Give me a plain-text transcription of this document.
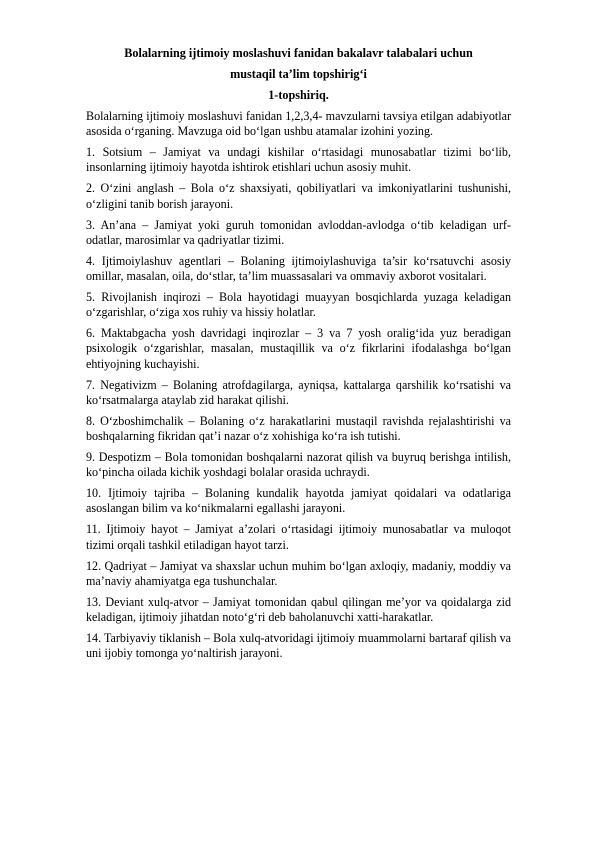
Bolalarning ijtimoiy moslashuvi fanidan bakalavr talabalari uchun

mustaqil ta’lim topshirig‘i

1-topshiriq.

Bolalarning ijtimoiy moslashuvi fanidan 1,2,3,4- mavzularni tavsiya etilgan adabiyotlar asosida o‘rganing. Mavzuga oid bo‘lgan ushbu atamalar izohini yozing.

1. Sotsium – Jamiyat va undagi kishilar o‘rtasidagi munosabatlar tizimi bo‘lib, insonlarning ijtimoiy hayotda ishtirok etishlari uchun asosiy muhit.

2. O‘zini anglash – Bola o‘z shaxsiyati, qobiliyatlari va imkoniyatlarini tushunishi, o‘zligini tanib borish jarayoni.

3. An’ana – Jamiyat yoki guruh tomonidan avloddan-avlodga o‘tib keladigan urf-odatlar, marosimlar va qadriyatlar tizimi.

4. Ijtimoiylashuv agentlari – Bolaning ijtimoiylashuviga ta’sir ko‘rsatuvchi asosiy omillar, masalan, oila, do‘stlar, ta’lim muassasalari va ommaviy axborot vositalari.

5. Rivojlanish inqirozi – Bola hayotidagi muayyan bosqichlarda yuzaga keladigan o‘zgarishlar, o‘ziga xos ruhiy va hissiy holatlar.

6. Maktabgacha yosh davridagi inqirozlar – 3 va 7 yosh oralig‘ida yuz beradigan psixologik o‘zgarishlar, masalan, mustaqillik va o‘z fikrlarini ifodalashga bo‘lgan ehtiyojning kuchayishi.

7. Negativizm – Bolaning atrofdagilarga, ayniqsa, kattalarga qarshilik ko‘rsatishi va ko‘rsatmalarga ataylab zid harakat qilishi.

8. O‘zboshimchalik – Bolaning o‘z harakatlarini mustaqil ravishda rejalashtirishi va boshqalarning fikridan qat’i nazar o‘z xohishiga ko‘ra ish tutishi.

9. Despotizm – Bola tomonidan boshqalarni nazorat qilish va buyruq berishga intilish, ko‘pincha oilada kichik yoshdagi bolalar orasida uchraydi.

10. Ijtimoiy tajriba – Bolaning kundalik hayotda jamiyat qoidalari va odatlariga asoslangan bilim va ko‘nikmalarni egallashi jarayoni.

11. Ijtimoiy hayot – Jamiyat a’zolari o‘rtasidagi ijtimoiy munosabatlar va muloqot tizimi orqali tashkil etiladigan hayot tarzi.

12. Qadriyat – Jamiyat va shaxslar uchun muhim bo‘lgan axloqiy, madaniy, moddiy va ma’naviy ahamiyatga ega tushunchalar.

13. Deviant xulq-atvor – Jamiyat tomonidan qabul qilingan me’yor va qoidalarga zid keladigan, ijtimoiy jihatdan noto‘g‘ri deb baholanuvchi xatti-harakatlar.

14. Tarbiyaviy tiklanish – Bola xulq-atvoridagi ijtimoiy muammolarni bartaraf qilish va uni ijobiy tomonga yo‘naltirish jarayoni.
